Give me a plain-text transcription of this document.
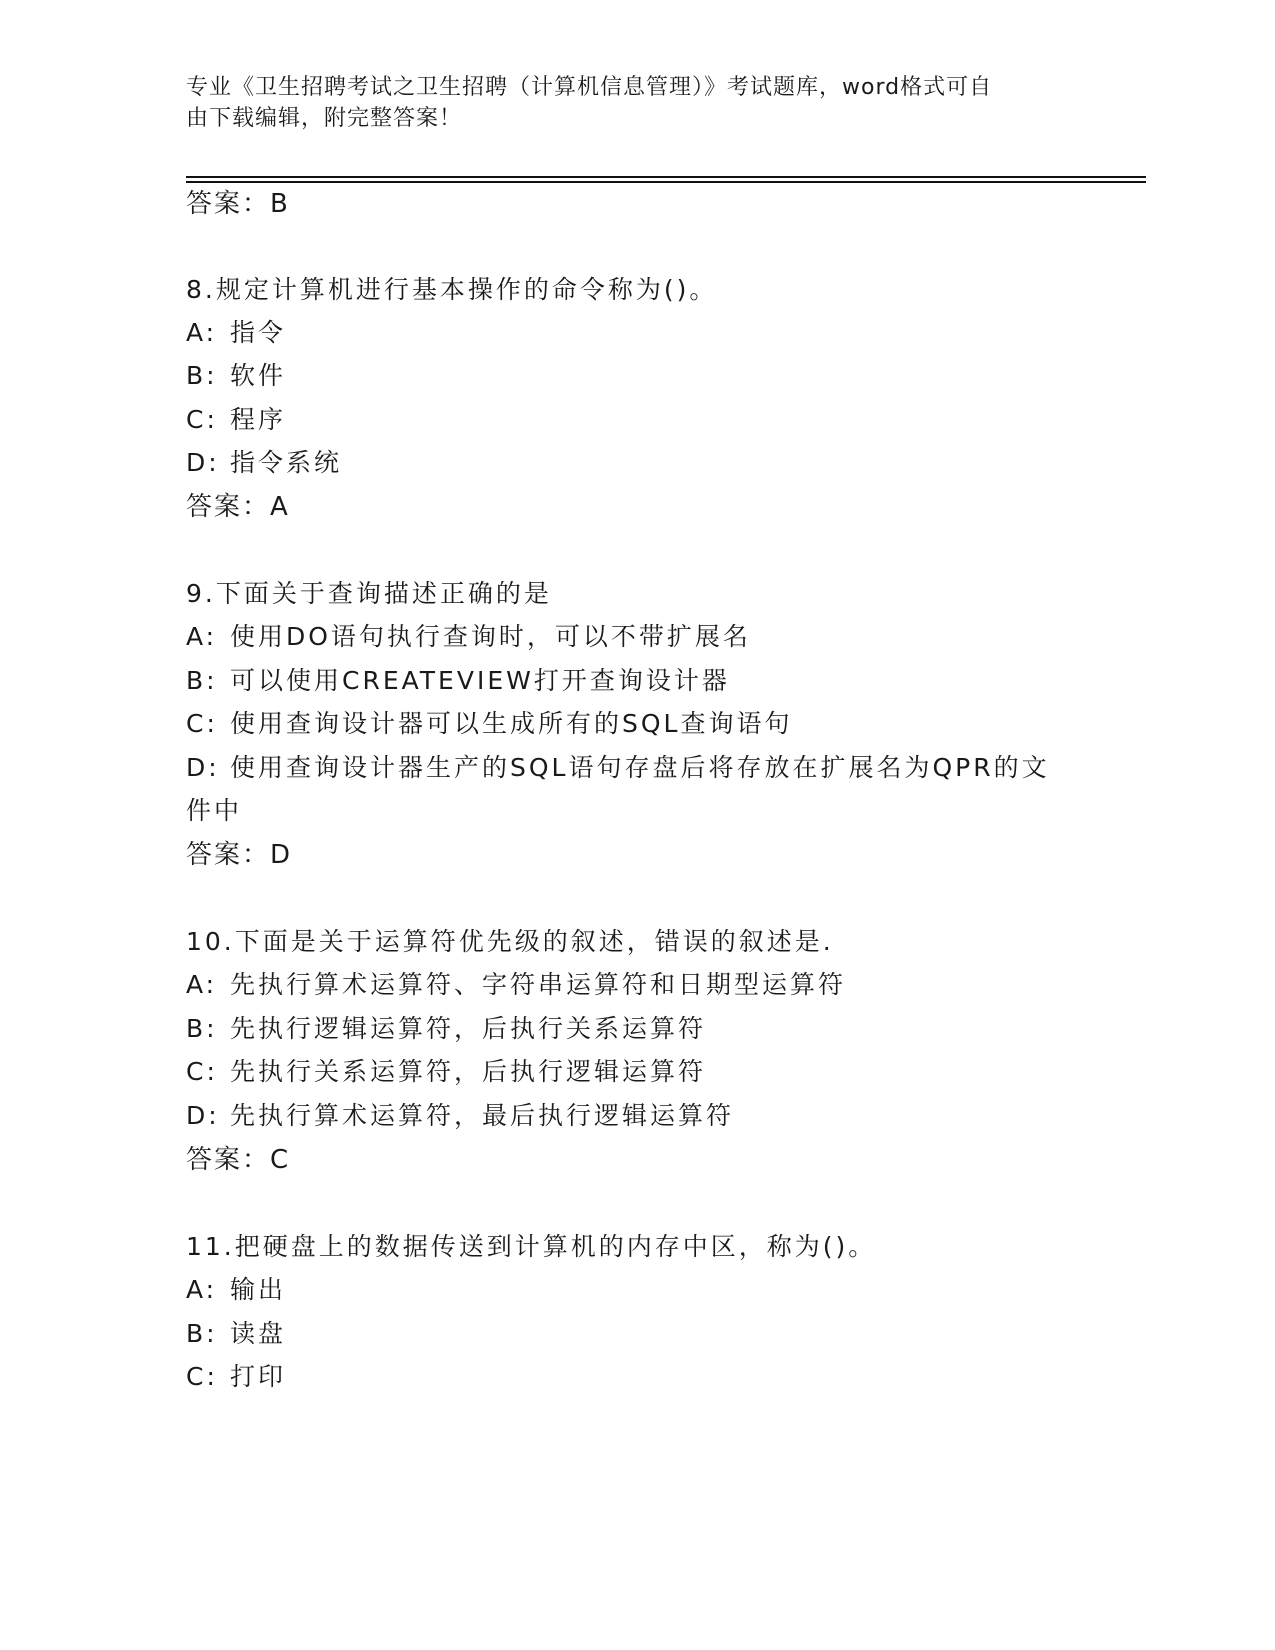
专业《卫生招聘考试之卫生招聘（计算机信息管理）》考试题库，word格式可自
由下载编辑，附完整答案！
答案：B
8.规定计算机进行基本操作的命令称为()。
A: 指令
B: 软件
C: 程序
D: 指令系统
答案：A
9.下面关于查询描述正确的是
A: 使用DO语句执行查询时，可以不带扩展名
B: 可以使用CREATEVIEW打开查询设计器
C: 使用查询设计器可以生成所有的SQL查询语句
D: 使用查询设计器生产的SQL语句存盘后将存放在扩展名为QPR的文
件中
答案：D
10.下面是关于运算符优先级的叙述，错误的叙述是.
A: 先执行算术运算符、字符串运算符和日期型运算符
B: 先执行逻辑运算符，后执行关系运算符
C: 先执行关系运算符，后执行逻辑运算符
D: 先执行算术运算符，最后执行逻辑运算符
答案：C
11.把硬盘上的数据传送到计算机的内存中区，称为()。
A: 输出
B: 读盘
C: 打印
